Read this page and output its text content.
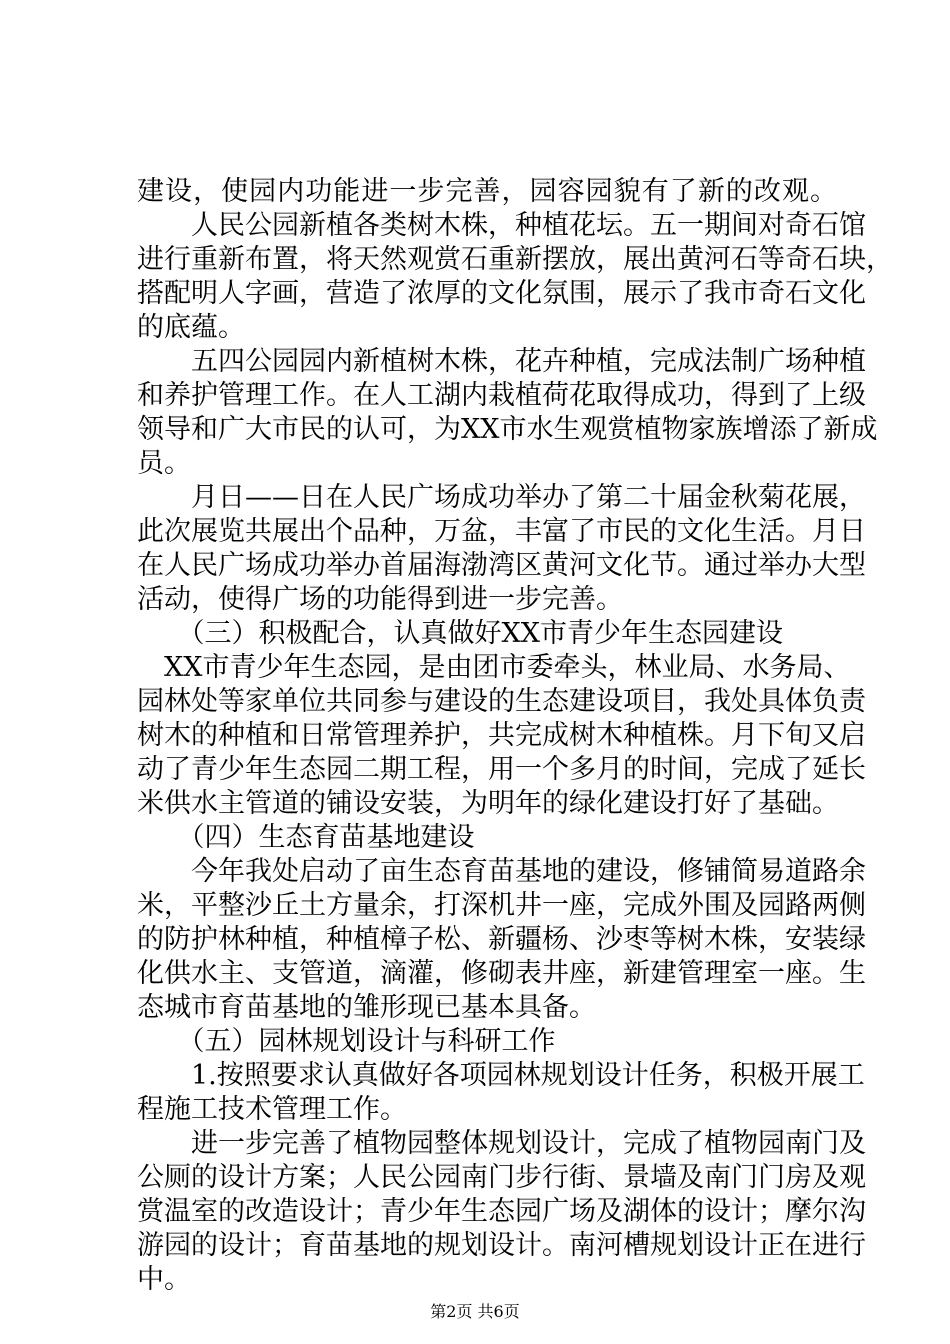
建设，使园内功能进一步完善，园容园貌有了新的改观。
　　人民公园新植各类树木株，种植花坛。五一期间对奇石馆
进行重新布置，将天然观赏石重新摆放，展出黄河石等奇石块，
搭配明人字画，营造了浓厚的文化氛围，展示了我市奇石文化
的底蕴。
　　五四公园园内新植树木株，花卉种植，完成法制广场种植
和养护管理工作。在人工湖内栽植荷花取得成功，得到了上级
领导和广大市民的认可，为XX市水生观赏植物家族增添了新成
员。
　　月日——日在人民广场成功举办了第二十届金秋菊花展，
此次展览共展出个品种，万盆，丰富了市民的文化生活。月日
在人民广场成功举办首届海渤湾区黄河文化节。通过举办大型
活动，使得广场的功能得到进一步完善。
　　（三）积极配合，认真做好XX市青少年生态园建设
　XX市青少年生态园，是由团市委牵头，林业局、水务局、
园林处等家单位共同参与建设的生态建设项目，我处具体负责
树木的种植和日常管理养护，共完成树木种植株。月下旬又启
动了青少年生态园二期工程，用一个多月的时间，完成了延长
米供水主管道的铺设安装，为明年的绿化建设打好了基础。
　　（四）生态育苗基地建设
　　今年我处启动了亩生态育苗基地的建设，修铺简易道路余
米，平整沙丘土方量余，打深机井一座，完成外围及园路两侧
的防护林种植，种植樟子松、新疆杨、沙枣等树木株，安装绿
化供水主、支管道，滴灌，修砌表井座，新建管理室一座。生
态城市育苗基地的雏形现已基本具备。
　　（五）园林规划设计与科研工作
　　1.按照要求认真做好各项园林规划设计任务，积极开展工
程施工技术管理工作。
　　进一步完善了植物园整体规划设计，完成了植物园南门及
公厕的设计方案；人民公园南门步行街、景墙及南门门房及观
赏温室的改造设计；青少年生态园广场及湖体的设计；摩尔沟
游园的设计；育苗基地的规划设计。南河槽规划设计正在进行
中。
第2页 共6页
